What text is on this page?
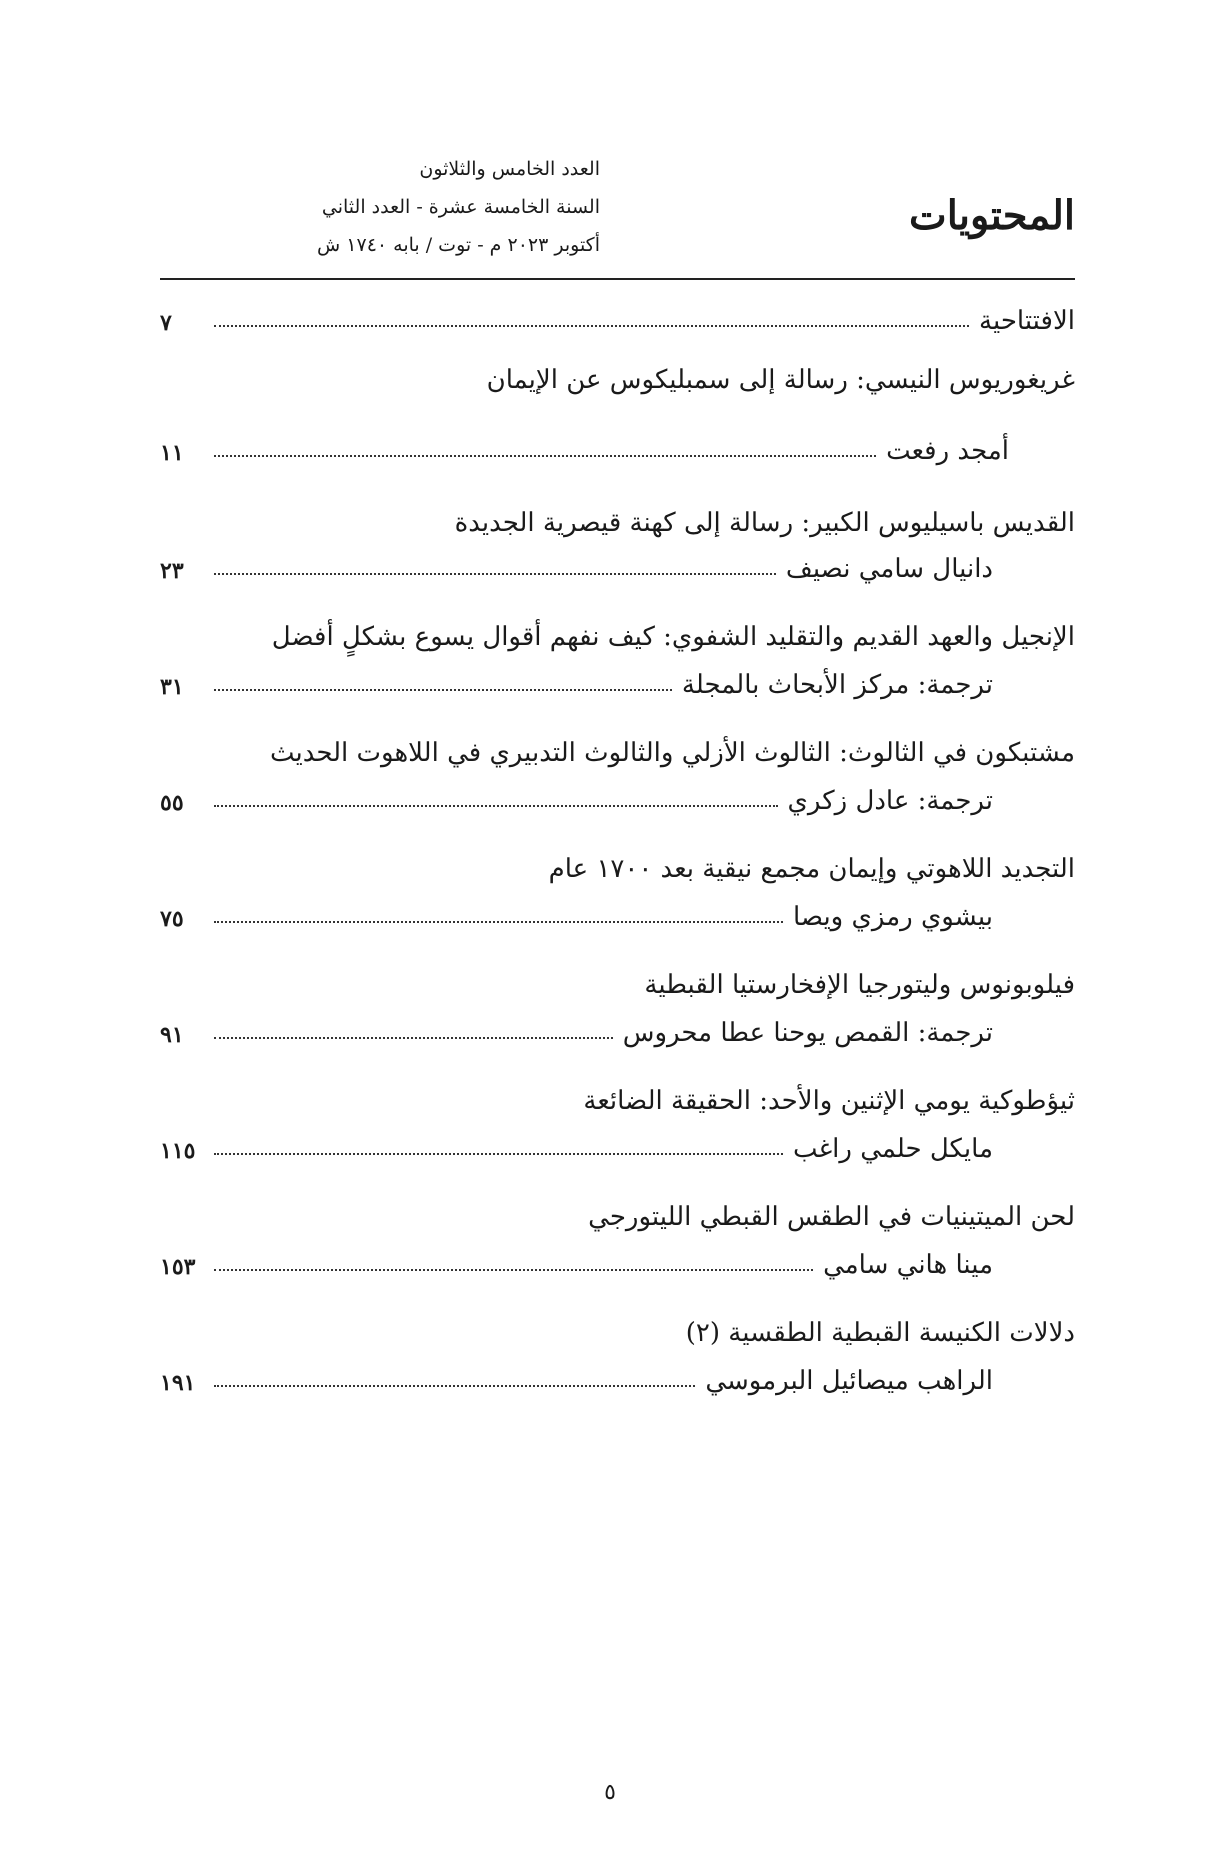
المحتويات
العدد الخامس والثلاثون
السنة الخامسة عشرة - العدد الثاني
أكتوبر ٢٠٢٣ م - توت / بابه ١٧٤٠ ش
الافتتاحية
٧
غريغوريوس النيسي: رسالة إلى سمبليكوس عن الإيمان
أمجد رفعت
١١
القديس باسيليوس الكبير: رسالة إلى كهنة قيصرية الجديدة
دانيال سامي نصيف
٢٣
الإنجيل والعهد القديم والتقليد الشفوي: كيف نفهم أقوال يسوع بشكلٍ أفضل
ترجمة: مركز الأبحاث بالمجلة
٣١
مشتبكون في الثالوث: الثالوث الأزلي والثالوث التدبيري في اللاهوت الحديث
ترجمة: عادل زكري
٥٥
التجديد اللاهوتي وإيمان مجمع نيقية بعد ١٧٠٠ عام
بيشوي رمزي ويصا
٧٥
فيلوبونوس وليتورجيا الإفخارستيا القبطية
ترجمة: القمص يوحنا عطا محروس
٩١
ثيؤطوكية يومي الإثنين والأحد: الحقيقة الضائعة
مايكل حلمي راغب
١١٥
لحن الميتينيات في الطقس القبطي الليتورجي
مينا هاني سامي
١٥٣
دلالات الكنيسة القبطية الطقسية (٢)
الراهب ميصائيل البرموسي
١٩١
٥
